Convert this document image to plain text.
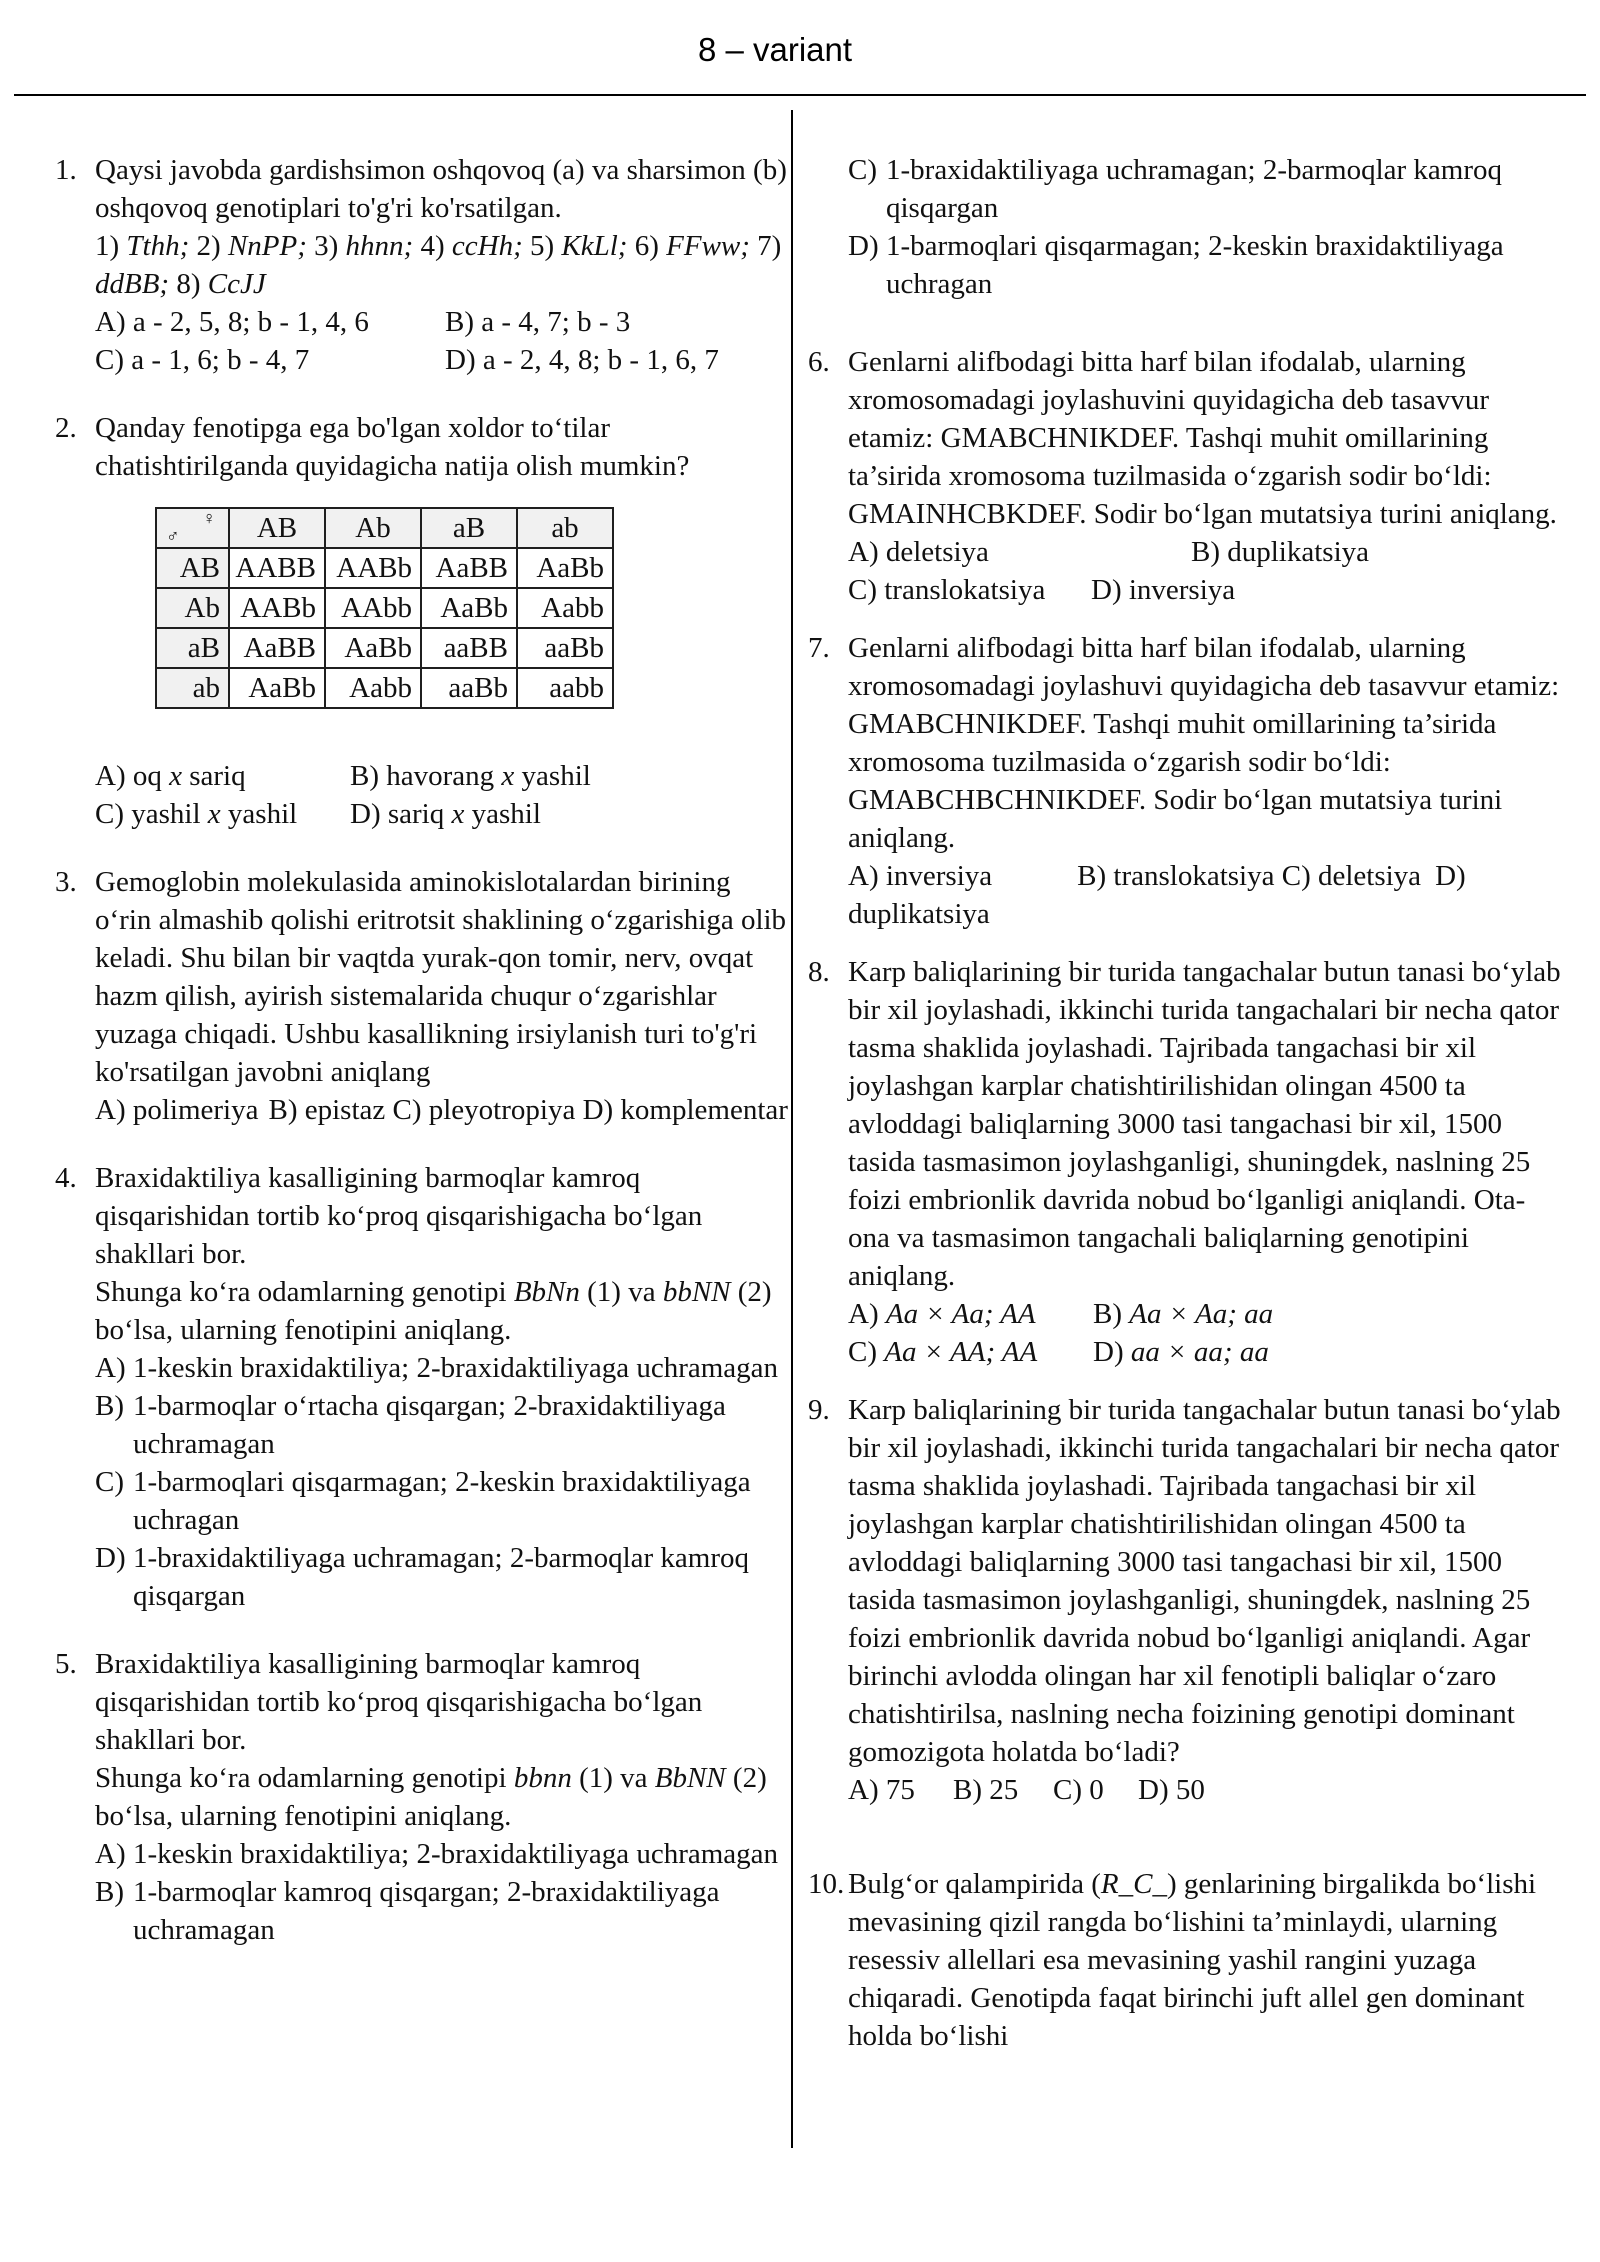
8 – variant
1. Qaysi javobda gardishsimon oshqovoq (a) va sharsimon (b) oshqovoq genotiplari to'g'ri ko'rsatilgan.
1) Tthh; 2) NnPP; 3) hhnn; 4) ccHh; 5) KkLl; 6) FFww; 7) ddBB; 8) CcJJ
A) a - 2, 5, 8; b - 1, 4, 6	B) a - 4, 7; b - 3
C) a - 1, 6; b - 4, 7	D) a - 2, 4, 8; b - 1, 6, 7
2. Qanday fenotipga ega bo'lgan xoldor to‘tilar chatishtirilganda quyidagicha natija olish mumkin?
♀
♂	AB	Ab	aB	ab
AB	AABB	AABb	AaBB	AaBb
Ab	AABb	AAbb	AaBb	Aabb
aB	AaBB	AaBb	aaBB	aaBb
ab	AaBb	Aabb	aaBb	aabb
A) oq x sariq	B) havorang x yashil
C) yashil x yashil D) sariq x yashil
3. Gemoglobin molekulasida aminokislotalardan birining o‘rin almashib qolishi eritrotsit shaklining o‘zgarishiga olib keladi. Shu bilan bir vaqtda yurak-qon tomir, nerv, ovqat hazm qilish, ayirish sistemalarida chuqur o‘zgarishlar yuzaga chiqadi. Ushbu kasallikning irsiylanish turi to'g'ri ko'rsatilgan javobni aniqlang
A) polimeriya B) epistaz C) pleyotropiya D) komplementar
4. Braxidaktiliya kasalligining barmoqlar kamroq qisqarishidan tortib ko‘proq qisqarishigacha bo‘lgan shakllari bor.
Shunga ko‘ra odamlarning genotipi BbNn (1) va bbNN (2) bo‘lsa, ularning fenotipini aniqlang.
A) 1-keskin braxidaktiliya; 2-braxidaktiliyaga uchramagan
B) 1-barmoqlar o‘rtacha qisqargan; 2-braxidaktiliyaga uchramagan
C) 1-barmoqlari qisqarmagan; 2-keskin braxidaktiliyaga uchragan
D) 1-braxidaktiliyaga uchramagan; 2-barmoqlar kamroq qisqargan
5. Braxidaktiliya kasalligining barmoqlar kamroq qisqarishidan tortib ko‘proq qisqarishigacha bo‘lgan shakllari bor.
Shunga ko‘ra odamlarning genotipi bbnn (1) va BbNN (2) bo‘lsa, ularning fenotipini aniqlang.
A) 1-keskin braxidaktiliya; 2-braxidaktiliyaga uchramagan
B) 1-barmoqlar kamroq qisqargan; 2-braxidaktiliyaga uchramagan
C) 1-braxidaktiliyaga uchramagan; 2-barmoqlar kamroq qisqargan
D) 1-barmoqlari qisqarmagan; 2-keskin braxidaktiliyaga uchragan
6. Genlarni alifbodagi bitta harf bilan ifodalab, ularning xromosomadagi joylashuvini quyidagicha deb tasavvur etamiz: GMABCHNIKDEF. Tashqi muhit omillarining ta’sirida xromosoma tuzilmasida o‘zgarish sodir bo‘ldi: GMAINHCBKDEF. Sodir bo‘lgan mutatsiya turini aniqlang.
A) deletsiya	B) duplikatsiya
C) translokatsiya D) inversiya
7. Genlarni alifbodagi bitta harf bilan ifodalab, ularning xromosomadagi joylashuvi quyidagicha deb tasavvur etamiz: GMABCHNIKDEF. Tashqi muhit omillarining ta’sirida xromosoma tuzilmasida o‘zgarish sodir bo‘ldi: GMABCHBCHNIKDEF. Sodir bo‘lgan mutatsiya turini aniqlang.
A) inversiya	B) translokatsiya C) deletsiya D) duplikatsiya
8. Karp baliqlarining bir turida tangachalar butun tanasi bo‘ylab bir xil joylashadi, ikkinchi turida tangachalari bir necha qator tasma shaklida joylashadi. Tajribada tangachasi bir xil joylashgan karplar chatishtirilishidan olingan 4500 ta avloddagi baliqlarning 3000 tasi tangachasi bir xil, 1500 tasida tasmasimon joylashganligi, shuningdek, naslning 25 foizi embrionlik davrida nobud bo‘lganligi aniqlandi. Ota-ona va tasmasimon tangachali baliqlarning genotipini aniqlang.
A) Aa × Aa; AA B) Aa × Aa; aa
C) Aa × AA; AA D) aa × aa; aa
9. Karp baliqlarining bir turida tangachalar butun tanasi bo‘ylab bir xil joylashadi, ikkinchi turida tangachalari bir necha qator tasma shaklida joylashadi. Tajribada tangachasi bir xil joylashgan karplar chatishtirilishidan olingan 4500 ta avloddagi baliqlarning 3000 tasi tangachasi bir xil, 1500 tasida tasmasimon joylashganligi, shuningdek, naslning 25 foizi embrionlik davrida nobud bo‘lganligi aniqlandi. Agar birinchi avlodda olingan har xil fenotipli baliqlar o‘zaro chatishtirilsa, naslning necha foizining genotipi dominant gomozigota holatda bo‘ladi?
A) 75 B) 25 C) 0 D) 50
10. Bulg‘or qalampirida (R_C_) genlarining birgalikda bo‘lishi mevasining qizil rangda bo‘lishini ta’minlaydi, ularning resessiv allellari esa mevasining yashil rangini yuzaga chiqaradi. Genotipda faqat birinchi juft allel gen dominant holda bo‘lishi
